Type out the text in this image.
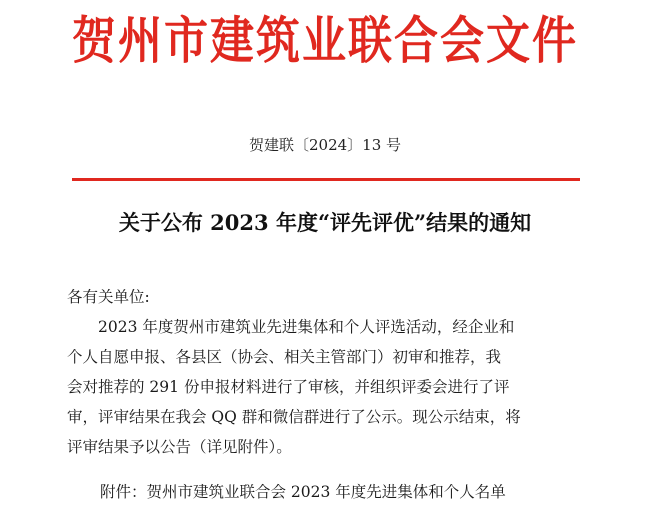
贺州市建筑业联合会文件
贺建联〔2024〕13 号
关于公布 2023 年度“评先评优”结果的通知
各有关单位:
2023 年度贺州市建筑业先进集体和个人评选活动，经企业和
个人自愿申报、各县区（协会、相关主管部门）初审和推荐，我
会对推荐的 291 份申报材料进行了审核，并组织评委会进行了评
审，评审结果在我会 QQ 群和微信群进行了公示。现公示结束，将
评审结果予以公告（详见附件）。
附件：贺州市建筑业联合会 2023 年度先进集体和个人名单
